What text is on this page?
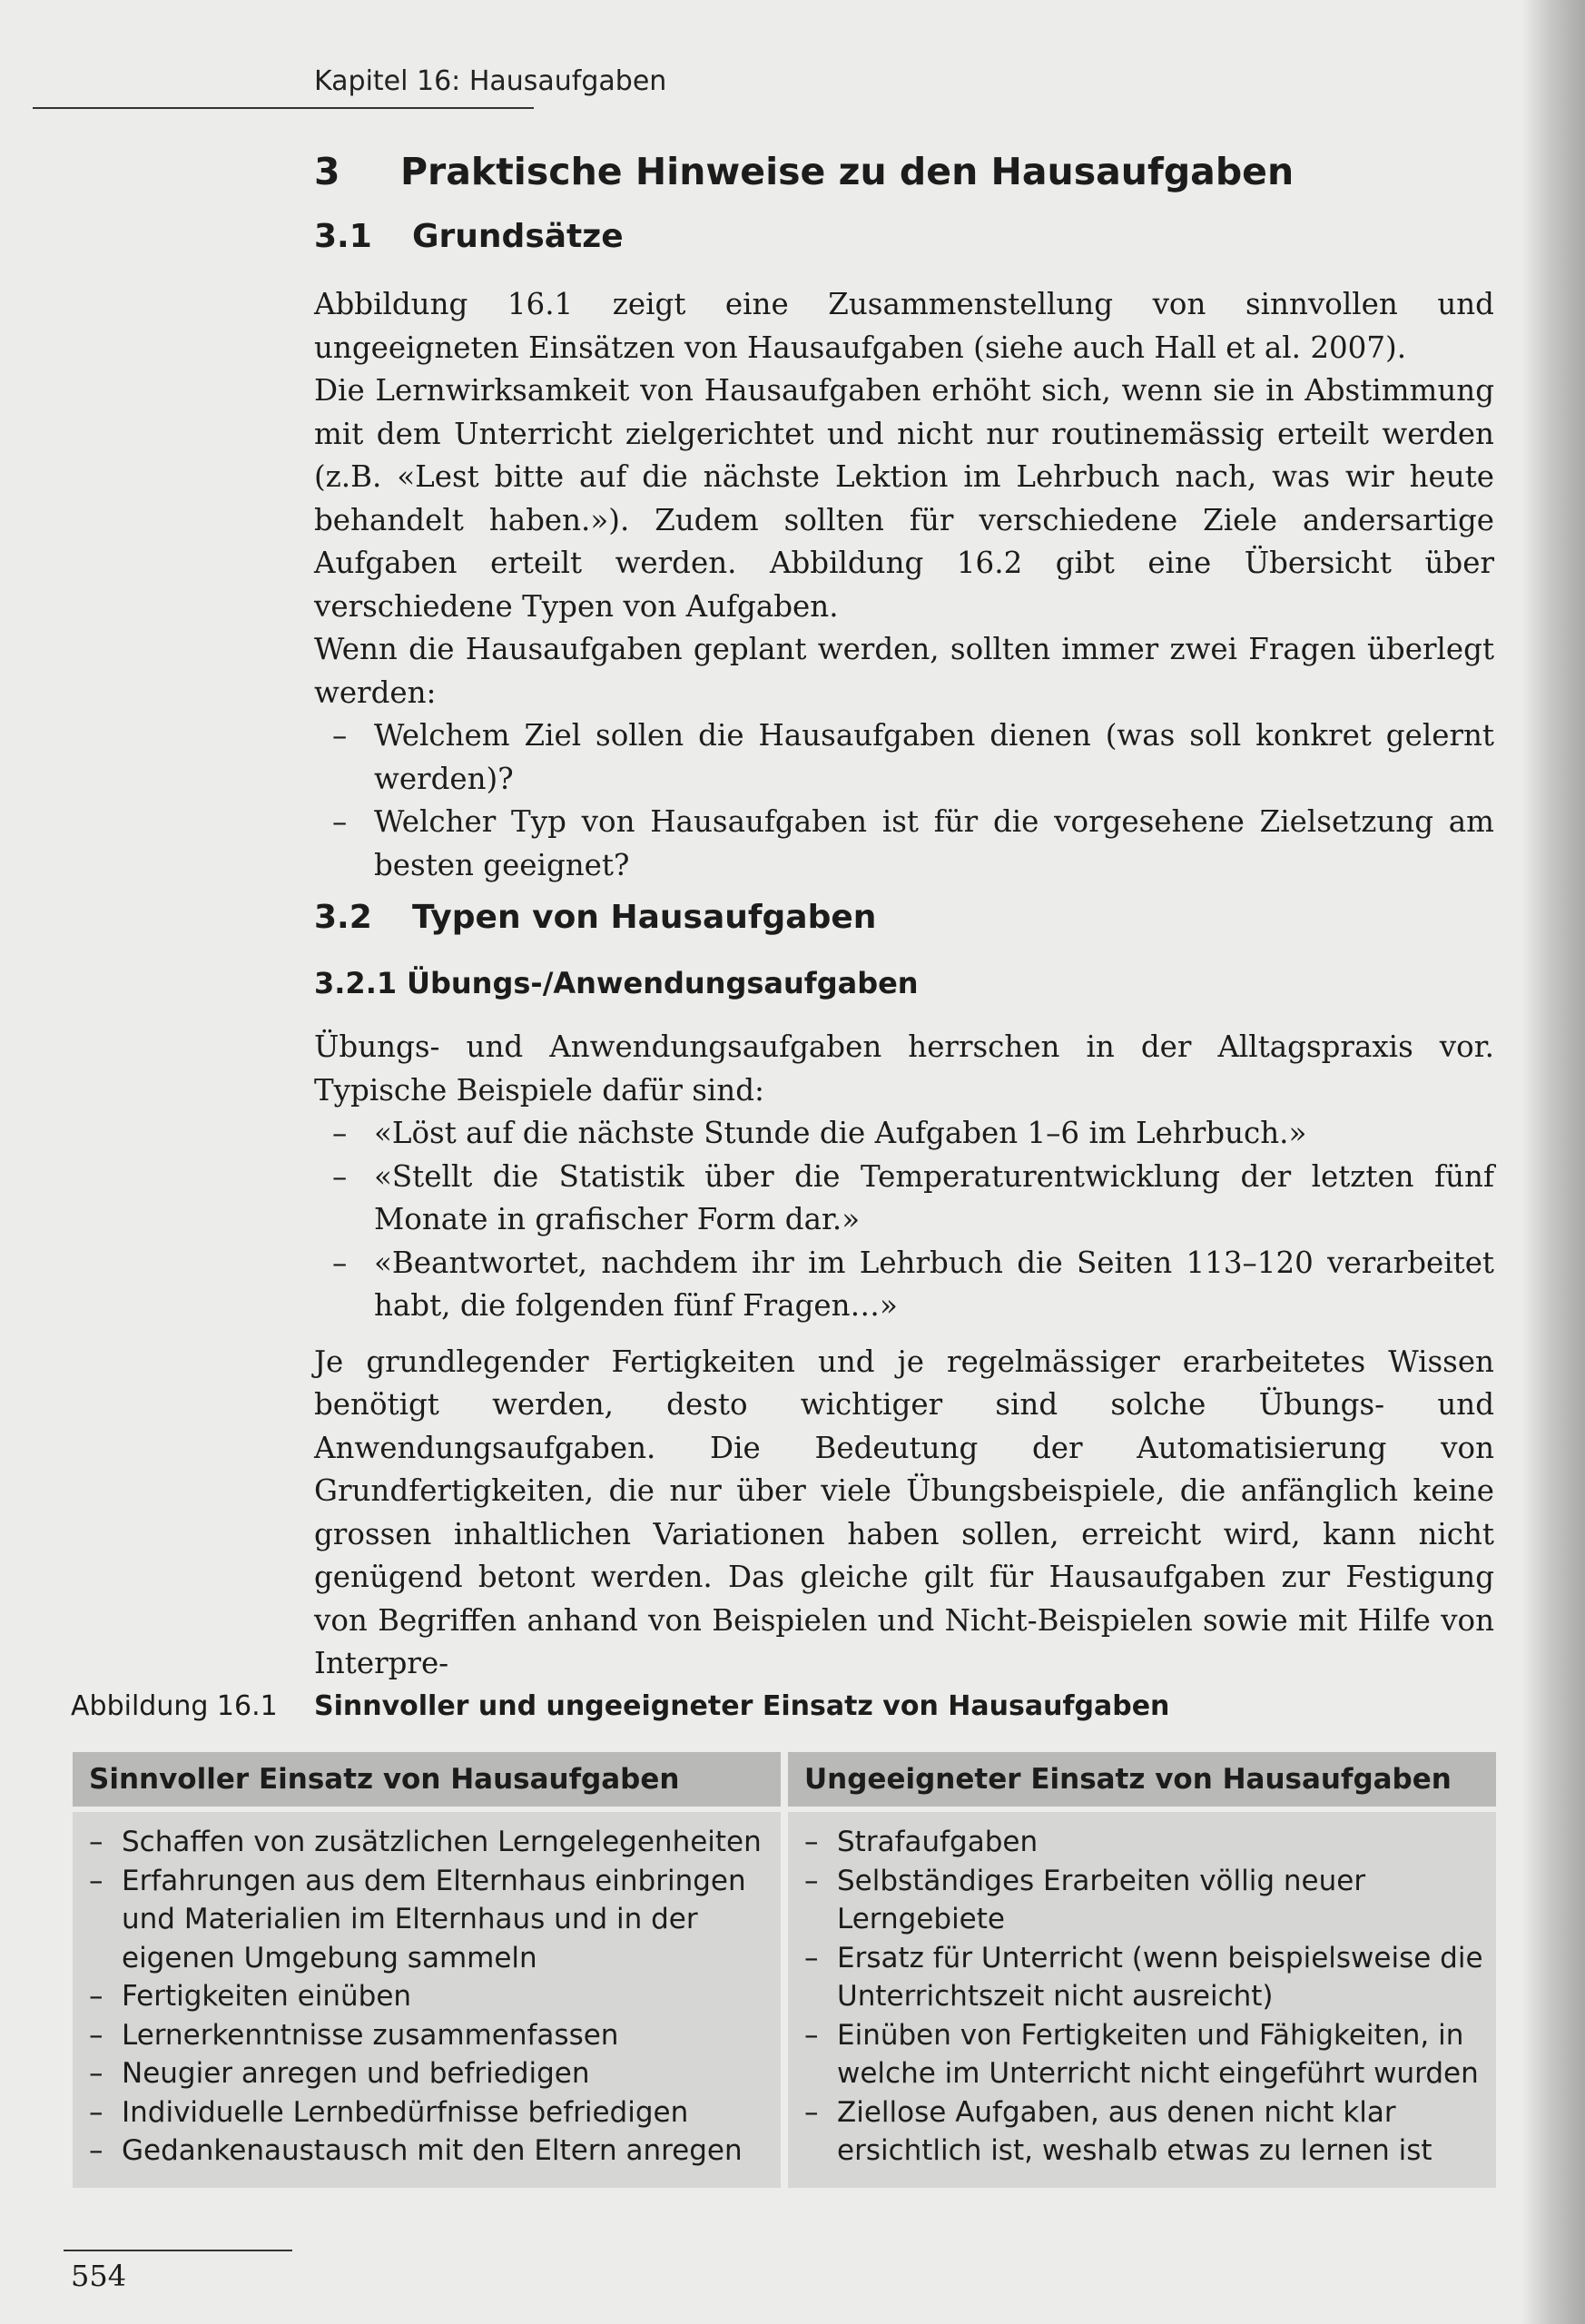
Kapitel 16: Hausaufgaben
3 Praktische Hinweise zu den Hausaufgaben
3.1 Grundsätze

Abbildung 16.1 zeigt eine Zusammenstellung von sinnvollen und ungeeigneten Einsätzen von Hausaufgaben (siehe auch Hall et al. 2007).

Die Lernwirksamkeit von Hausaufgaben erhöht sich, wenn sie in Abstimmung mit dem Unterricht zielgerichtet und nicht nur routinemässig erteilt werden (z.B. «Lest bitte auf die nächste Lektion im Lehrbuch nach, was wir heute behandelt haben.»). Zudem sollten für verschiedene Ziele andersartige Aufgaben erteilt werden. Abbildung 16.2 gibt eine Übersicht über verschiedene Typen von Aufgaben.

Wenn die Hausaufgaben geplant werden, sollten immer zwei Fragen überlegt werden:

– Welchem Ziel sollen die Hausaufgaben dienen (was soll konkret gelernt werden)?
– Welcher Typ von Hausaufgaben ist für die vorgesehene Zielsetzung am besten geeignet?
3.2 Typen von Hausaufgaben
3.2.1 Übungs-/Anwendungsaufgaben

Übungs- und Anwendungsaufgaben herrschen in der Alltagspraxis vor. Typische Beispiele dafür sind:

– «Löst auf die nächste Stunde die Aufgaben 1–6 im Lehrbuch.»
– «Stellt die Statistik über die Temperaturentwicklung der letzten fünf Monate in grafischer Form dar.»
– «Beantwortet, nachdem ihr im Lehrbuch die Seiten 113–120 verarbeitet habt, die folgenden fünf Fragen…»

Je grundlegender Fertigkeiten und je regelmässiger erarbeitetes Wissen benötigt werden, desto wichtiger sind solche Übungs- und Anwendungsaufgaben. Die Bedeutung der Automatisierung von Grundfertigkeiten, die nur über viele Übungsbeispiele, die anfänglich keine grossen inhaltlichen Variationen haben sollen, erreicht wird, kann nicht genügend betont werden. Das gleiche gilt für Hausaufgaben zur Festigung von Begriffen anhand von Beispielen und Nicht-Beispielen sowie mit Hilfe von Interpre-

Abbildung 16.1 Sinnvoller und ungeeigneter Einsatz von Hausaufgaben
Sinnvoller Einsatz von Hausaufgaben
– Schaffen von zusätzlichen Lerngelegenheiten
– Erfahrungen aus dem Elternhaus einbringen und Materialien im Elternhaus und in der eigenen Umgebung sammeln
– Fertigkeiten einüben
– Lernerkenntnisse zusammenfassen
– Neugier anregen und befriedigen
– Individuelle Lernbedürfnisse befriedigen
– Gedankenaustausch mit den Eltern anregen
Ungeeigneter Einsatz von Hausaufgaben
– Strafaufgaben
– Selbständiges Erarbeiten völlig neuer Lerngebiete
– Ersatz für Unterricht (wenn beispielsweise die Unterrichtszeit nicht ausreicht)
– Einüben von Fertigkeiten und Fähigkeiten, in welche im Unterricht nicht eingeführt wurden
– Ziellose Aufgaben, aus denen nicht klar ersichtlich ist, weshalb etwas zu lernen ist
554
